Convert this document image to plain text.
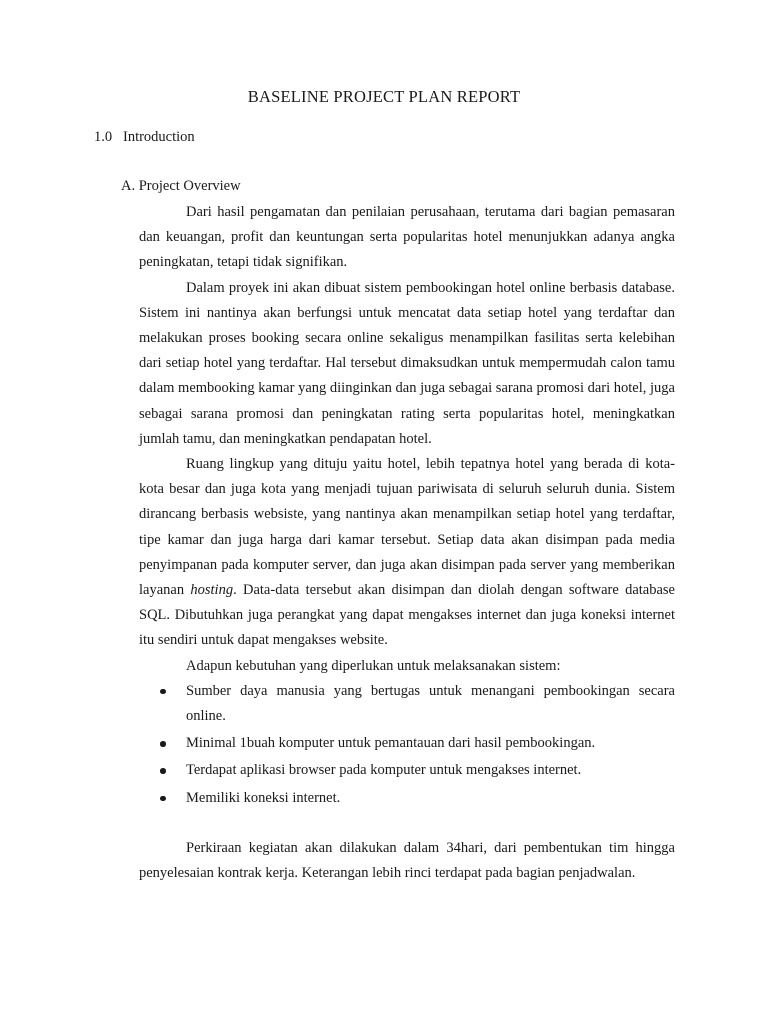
BASELINE PROJECT PLAN REPORT
1.0 Introduction
A. Project Overview

Dari hasil pengamatan dan penilaian perusahaan, terutama dari bagian pemasaran dan keuangan, profit dan keuntungan serta popularitas hotel menunjukkan adanya angka peningkatan, tetapi tidak signifikan.

Dalam proyek ini akan dibuat sistem pembookingan hotel online berbasis database. Sistem ini nantinya akan berfungsi untuk mencatat data setiap hotel yang terdaftar dan melakukan proses booking secara online sekaligus menampilkan fasilitas serta kelebihan dari setiap hotel yang terdaftar. Hal tersebut dimaksudkan untuk mempermudah calon tamu dalam membooking kamar yang diinginkan dan juga sebagai sarana promosi dari hotel, juga sebagai sarana promosi dan peningkatan rating serta popularitas hotel, meningkatkan jumlah tamu, dan meningkatkan pendapatan hotel.

Ruang lingkup yang dituju yaitu hotel, lebih tepatnya hotel yang berada di kota-kota besar dan juga kota yang menjadi tujuan pariwisata di seluruh seluruh dunia. Sistem dirancang berbasis websiste, yang nantinya akan menampilkan setiap hotel yang terdaftar, tipe kamar dan juga harga dari kamar tersebut. Setiap data akan disimpan pada media penyimpanan pada komputer server, dan juga akan disimpan pada server yang memberikan layanan hosting. Data-data tersebut akan disimpan dan diolah dengan software database SQL. Dibutuhkan juga perangkat yang dapat mengakses internet dan juga koneksi internet itu sendiri untuk dapat mengakses website.

Adapun kebutuhan yang diperlukan untuk melaksanakan sistem:

Sumber daya manusia yang bertugas untuk menangani pembookingan secara online.
Minimal 1buah komputer untuk pemantauan dari hasil pembookingan.
Terdapat aplikasi browser pada komputer untuk mengakses internet.
Memiliki koneksi internet.

Perkiraan kegiatan akan dilakukan dalam 34hari, dari pembentukan tim hingga penyelesaian kontrak kerja. Keterangan lebih rinci terdapat pada bagian penjadwalan.
